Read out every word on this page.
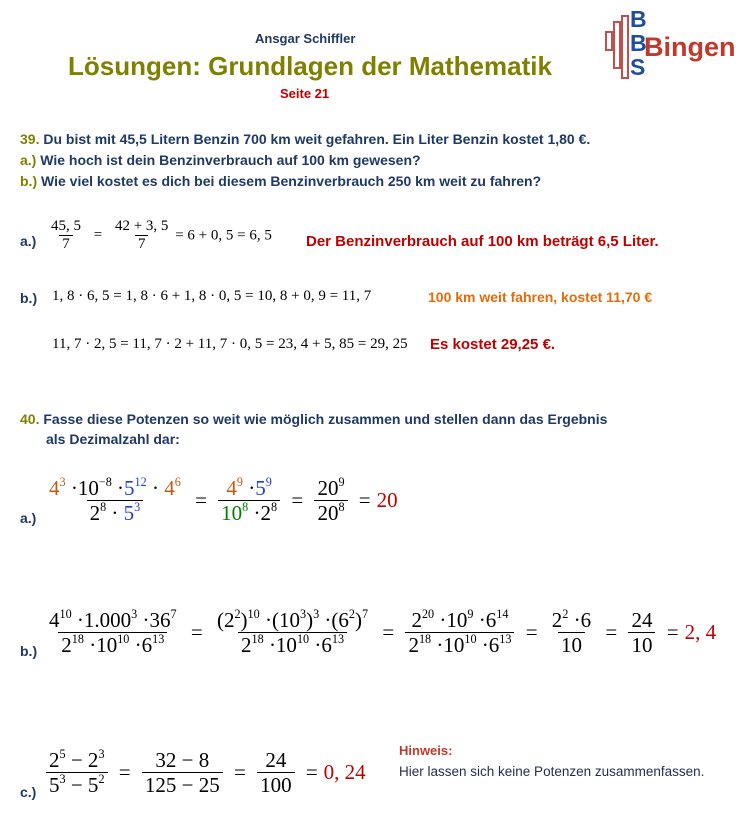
Ansgar Schiffler
Lösungen: Grundlagen der Mathematik
Seite 21
B
B
S
Bingen
39. Du bist mit 45,5 Litern Benzin 700 km weit gefahren. Ein Liter Benzin kostet 1,80 €.
a.) Wie hoch ist dein Benzinverbrauch auf 100 km gewesen?
b.) Wie viel kostet es dich bei diesem Benzinverbrauch 250 km weit zu fahren?
$a.) \frac{45, 5}{7} = \frac{42 + 3, 5}{7} = 6 + 0$, 5 = 6, 5 Der Benzinverbrauch auf 100 km beträgt 6,5 Liter.
b.) 1, 8 · 6, 5 = 1, 8 · 6 + 1, 8 · 0, 5 = 10, 8 + 0, 9 = 11, 7	100 km weit fahren, kostet 11,70 €
11, 7 · 2, 5 = 11, 7 · 2 + 11, 7 · 0, 5 = 23, 4 + 5, 85 = 29, 25 Es kostet 29,25 €.
40. Fasse diese Potenzen so weit wie möglich zusammen und stellen dann das Ergebnis
als Dezimalzahl dar:
$a.) \frac{4^3 \cdot 10^{-8} \cdot 5^{12} \cdot 4^6}{2^8 \cdot 5^3} = \frac{4^9 \cdot 5^9}{10^8 \cdot 2^8} = \frac{20^9}{20^8} = 20$
$b.) \frac{4^{10} \cdot 1.000^3 \cdot 36^7}{2^{18} \cdot 10^{10} \cdot 6^{13}} = \frac{(2^2)^{10} \cdot(10^3)^3 \cdot(6^2)^7}{2^{18} \cdot 10^{10} \cdot 6^{13}} = \frac{2^{20} \cdot 10^9 \cdot 6^{14}}{2^{18} \cdot 10^{10} \cdot 6^{13}} = \frac{2^2 \cdot 6}{10} = \frac{24}{10} = 2$, 4
$c.) \frac{2^5 - 2^3}{5^3 - 5^2} = \frac{32 - 8}{125 - 25} = \frac{24}{100} = 0$, 24
Hinweis:
Hier lassen sich keine Potenzen zusammenfassen.
